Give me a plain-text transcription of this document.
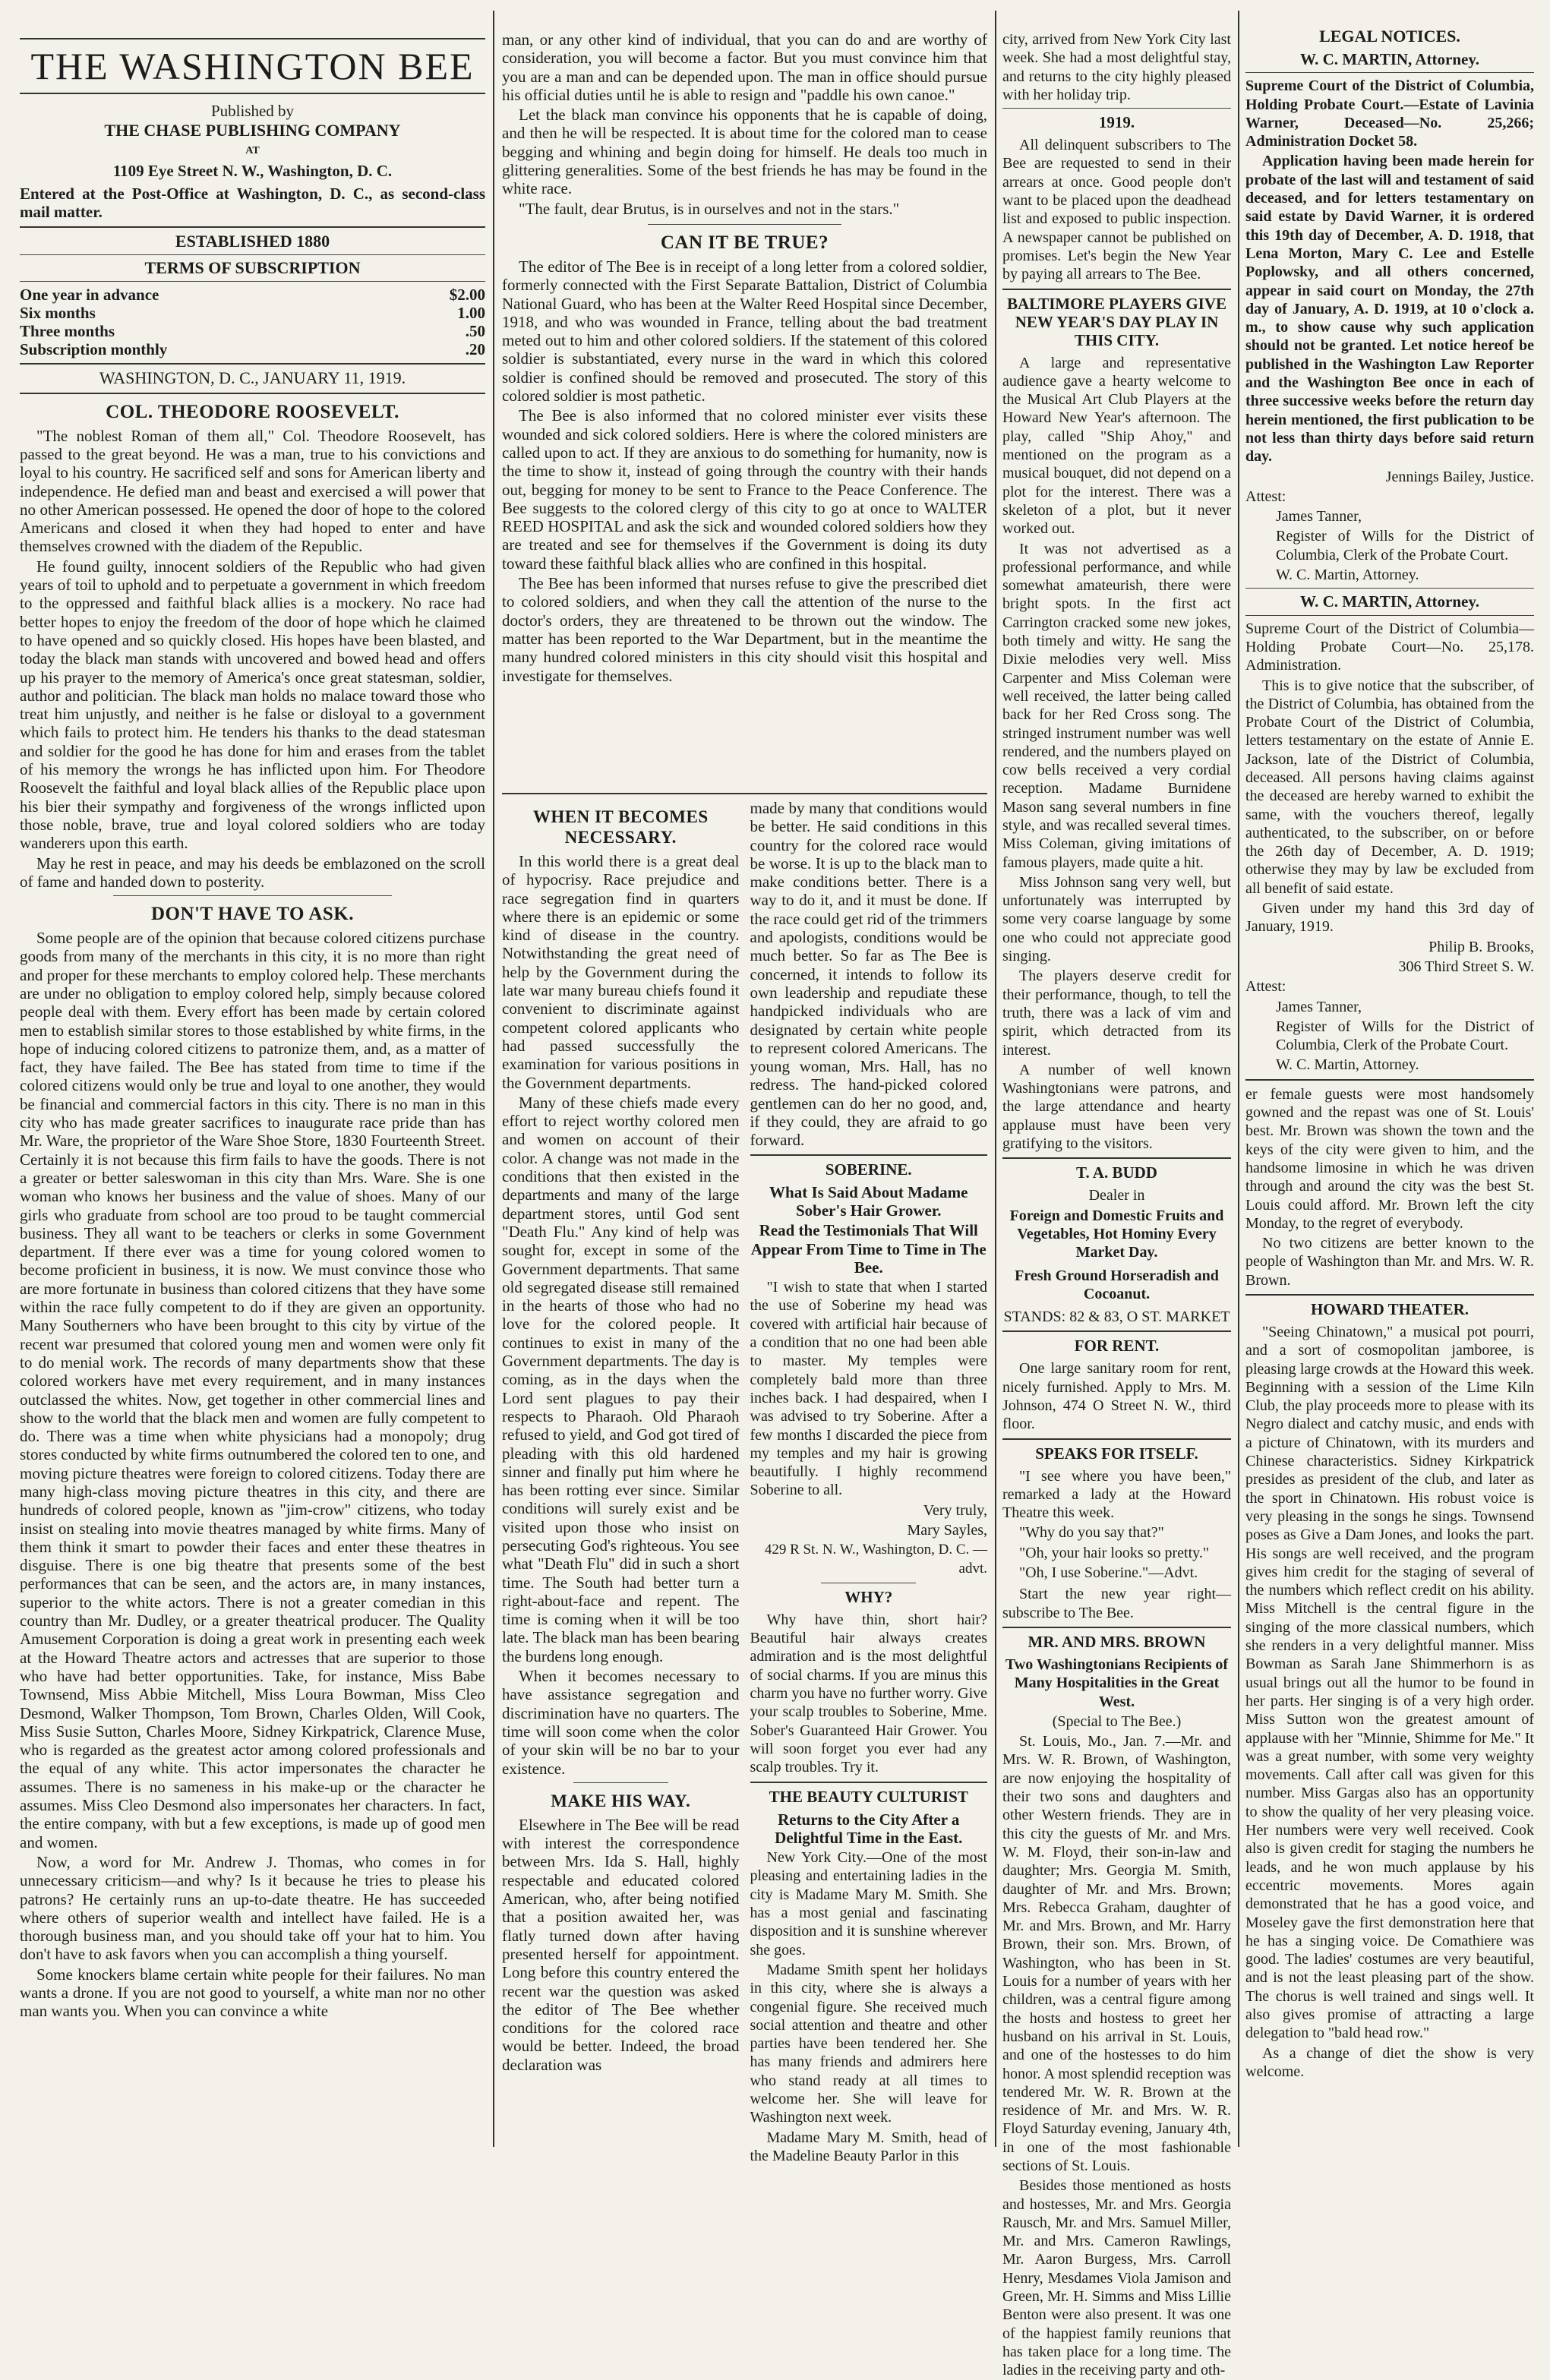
THE WASHINGTON BEE

Published by

THE CHASE PUBLISHING COMPANY

AT

1109 Eye Street N. W., Washington, D. C.

Entered at the Post-Office at Washington, D. C., as second-class mail matter.

ESTABLISHED 1880

TERMS OF SUBSCRIPTION

One year in advance	$2.00
Six months	1.00
Three months	.50
Subscription monthly	.20

WASHINGTON, D. C., JANUARY 11, 1919.

COL. THEODORE ROOSEVELT.

"The noblest Roman of them all," Col. Theodore Roosevelt, has passed to the great beyond. He was a man, true to his convictions and loyal to his country. He sacrificed self and sons for American liberty and independence. He defied man and beast and exercised a will power that no other American possessed. He opened the door of hope to the colored Americans and closed it when they had hoped to enter and have themselves crowned with the diadem of the Republic.

He found guilty, innocent soldiers of the Republic who had given years of toil to uphold and to perpetuate a government in which freedom to the oppressed and faithful black allies is a mockery. No race had better hopes to enjoy the freedom of the door of hope which he claimed to have opened and so quickly closed. His hopes have been blasted, and today the black man stands with uncovered and bowed head and offers up his prayer to the memory of America's once great statesman, soldier, author and politician. The black man holds no malace toward those who treat him unjustly, and neither is he false or disloyal to a government which fails to protect him. He tenders his thanks to the dead statesman and soldier for the good he has done for him and erases from the tablet of his memory the wrongs he has inflicted upon him. For Theodore Roosevelt the faithful and loyal black allies of the Republic place upon his bier their sympathy and forgiveness of the wrongs inflicted upon those noble, brave, true and loyal colored soldiers who are today wanderers upon this earth.

May he rest in peace, and may his deeds be emblazoned on the scroll of fame and handed down to posterity.

DON'T HAVE TO ASK.

Some people are of the opinion that because colored citizens purchase goods from many of the merchants in this city, it is no more than right and proper for these merchants to employ colored help. These merchants are under no obligation to employ colored help, simply because colored people deal with them. Every effort has been made by certain colored men to establish similar stores to those established by white firms, in the hope of inducing colored citizens to patronize them, and, as a matter of fact, they have failed. The Bee has stated from time to time if the colored citizens would only be true and loyal to one another, they would be financial and commercial factors in this city. There is no man in this city who has made greater sacrifices to inaugurate race pride than has Mr. Ware, the proprietor of the Ware Shoe Store, 1830 Fourteenth Street. Certainly it is not because this firm fails to have the goods. There is not a greater or better saleswoman in this city than Mrs. Ware. She is one woman who knows her business and the value of shoes. Many of our girls who graduate from school are too proud to be taught commercial business. They all want to be teachers or clerks in some Government department. If there ever was a time for young colored women to become proficient in business, it is now. We must convince those who are more fortunate in business than colored citizens that they have some within the race fully competent to do if they are given an opportunity. Many Southerners who have been brought to this city by virtue of the recent war presumed that colored young men and women were only fit to do menial work. The records of many departments show that these colored workers have met every requirement, and in many instances outclassed the whites. Now, get together in other commercial lines and show to the world that the black men and women are fully competent to do. There was a time when white physicians had a monopoly; drug stores conducted by white firms outnumbered the colored ten to one, and moving picture theatres were foreign to colored citizens. Today there are many high-class moving picture theatres in this city, and there are hundreds of colored people, known as "jim-crow" citizens, who today insist on stealing into movie theatres managed by white firms. Many of them think it smart to powder their faces and enter these theatres in disguise. There is one big theatre that presents some of the best performances that can be seen, and the actors are, in many instances, superior to the white actors. There is not a greater comedian in this country than Mr. Dudley, or a greater theatrical producer. The Quality Amusement Corporation is doing a great work in presenting each week at the Howard Theatre actors and actresses that are superior to those who have had better opportunities. Take, for instance, Miss Babe Townsend, Miss Abbie Mitchell, Miss Loura Bowman, Miss Cleo Desmond, Walker Thompson, Tom Brown, Charles Olden, Will Cook, Miss Susie Sutton, Charles Moore, Sidney Kirkpatrick, Clarence Muse, who is regarded as the greatest actor among colored professionals and the equal of any white. This actor impersonates the character he assumes. There is no sameness in his make-up or the character he assumes. Miss Cleo Desmond also impersonates her characters. In fact, the entire company, with but a few exceptions, is made up of good men and women.

Now, a word for Mr. Andrew J. Thomas, who comes in for unnecessary criticism—and why? Is it because he tries to please his patrons? He certainly runs an up-to-date theatre. He has succeeded where others of superior wealth and intellect have failed. He is a thorough business man, and you should take off your hat to him. You don't have to ask favors when you can accomplish a thing yourself.

Some knockers blame certain white people for their failures. No man wants a drone. If you are not good to yourself, a white man nor no other man wants you. When you can convince a white

man, or any other kind of individual, that you can do and are worthy of consideration, you will become a factor. But you must convince him that you are a man and can be depended upon. The man in office should pursue his official duties until he is able to resign and "paddle his own canoe."

Let the black man convince his opponents that he is capable of doing, and then he will be respected. It is about time for the colored man to cease begging and whining and begin doing for himself. He deals too much in glittering generalities. Some of the best friends he has may be found in the white race.

"The fault, dear Brutus, is in ourselves and not in the stars."

CAN IT BE TRUE?

The editor of The Bee is in receipt of a long letter from a colored soldier, formerly connected with the First Separate Battalion, District of Columbia National Guard, who has been at the Walter Reed Hospital since December, 1918, and who was wounded in France, telling about the bad treatment meted out to him and other colored soldiers. If the statement of this colored soldier is substantiated, every nurse in the ward in which this colored soldier is confined should be removed and prosecuted. The story of this colored soldier is most pathetic.

The Bee is also informed that no colored minister ever visits these wounded and sick colored soldiers. Here is where the colored ministers are called upon to act. If they are anxious to do something for humanity, now is the time to show it, instead of going through the country with their hands out, begging for money to be sent to France to the Peace Conference. The Bee suggests to the colored clergy of this city to go at once to WALTER REED HOSPITAL and ask the sick and wounded colored soldiers how they are treated and see for themselves if the Government is doing its duty toward these faithful black allies who are confined in this hospital.

The Bee has been informed that nurses refuse to give the prescribed diet to colored soldiers, and when they call the attention of the nurse to the doctor's orders, they are threatened to be thrown out the window. The matter has been reported to the War Department, but in the meantime the many hundred colored ministers in this city should visit this hospital and investigate for themselves.

WHEN IT BECOMES NECESSARY.

In this world there is a great deal of hypocrisy. Race prejudice and race segregation find in quarters where there is an epidemic or some kind of disease in the country. Notwithstanding the great need of help by the Government during the late war many bureau chiefs found it convenient to discriminate against competent colored applicants who had passed successfully the examination for various positions in the Government departments.

Many of these chiefs made every effort to reject worthy colored men and women on account of their color. A change was not made in the conditions that then existed in the departments and many of the large department stores, until God sent "Death Flu." Any kind of help was sought for, except in some of the Government departments. That same old segregated disease still remained in the hearts of those who had no love for the colored people. It continues to exist in many of the Government departments. The day is coming, as in the days when the Lord sent plagues to pay their respects to Pharaoh. Old Pharaoh refused to yield, and God got tired of pleading with this old hardened sinner and finally put him where he has been rotting ever since. Similar conditions will surely exist and be visited upon those who insist on persecuting God's righteous. You see what "Death Flu" did in such a short time. The South had better turn a right-about-face and repent. The time is coming when it will be too late. The black man has been bearing the burdens long enough.

When it becomes necessary to have assistance segregation and discrimination have no quarters. The time will soon come when the color of your skin will be no bar to your existence.

MAKE HIS WAY.

Elsewhere in The Bee will be read with interest the correspondence between Mrs. Ida S. Hall, highly respectable and educated colored American, who, after being notified that a position awaited her, was flatly turned down after having presented herself for appointment. Long before this country entered the recent war the question was asked the editor of The Bee whether conditions for the colored race would be better. Indeed, the broad declaration was

made by many that conditions would be better. He said conditions in this country for the colored race would be worse. It is up to the black man to make conditions better. There is a way to do it, and it must be done. If the race could get rid of the trimmers and apologists, conditions would be much better. So far as The Bee is concerned, it intends to follow its own leadership and repudiate these handpicked individuals who are designated by certain white people to represent colored Americans. The young woman, Mrs. Hall, has no redress. The hand-picked colored gentlemen can do her no good, and, if they could, they are afraid to go forward.

SOBERINE.

What Is Said About Madame Sober's Hair Grower.

Read the Testimonials That Will Appear From Time to Time in The Bee.

"I wish to state that when I started the use of Soberine my head was covered with artificial hair because of a condition that no one had been able to master. My temples were completely bald more than three inches back. I had despaired, when I was advised to try Soberine. After a few months I discarded the piece from my temples and my hair is growing beautifully. I highly recommend Soberine to all.

Very truly,

Mary Sayles,

429 R St. N. W., Washington, D. C. —advt.

WHY?

Why have thin, short hair? Beautiful hair always creates admiration and is the most delightful of social charms. If you are minus this charm you have no further worry. Give your scalp troubles to Soberine, Mme. Sober's Guaranteed Hair Grower. You will soon forget you ever had any scalp troubles. Try it.

THE BEAUTY CULTURIST

Returns to the City After a Delightful Time in the East.

New York City.—One of the most pleasing and entertaining ladies in the city is Madame Mary M. Smith. She has a most genial and fascinating disposition and it is sunshine wherever she goes.

Madame Smith spent her holidays in this city, where she is always a congenial figure. She received much social attention and theatre and other parties have been tendered her. She has many friends and admirers here who stand ready at all times to welcome her. She will leave for Washington next week.

Madame Mary M. Smith, head of the Madeline Beauty Parlor in this

city, arrived from New York City last week. She had a most delightful stay, and returns to the city highly pleased with her holiday trip.

1919.

All delinquent subscribers to The Bee are requested to send in their arrears at once. Good people don't want to be placed upon the deadhead list and exposed to public inspection. A newspaper cannot be published on promises. Let's begin the New Year by paying all arrears to The Bee.

BALTIMORE PLAYERS GIVE NEW YEAR'S DAY PLAY IN THIS CITY.

A large and representative audience gave a hearty welcome to the Musical Art Club Players at the Howard New Year's afternoon. The play, called "Ship Ahoy," and mentioned on the program as a musical bouquet, did not depend on a plot for the interest. There was a skeleton of a plot, but it never worked out.

It was not advertised as a professional performance, and while somewhat amateurish, there were bright spots. In the first act Carrington cracked some new jokes, both timely and witty. He sang the Dixie melodies very well. Miss Carpenter and Miss Coleman were well received, the latter being called back for her Red Cross song. The stringed instrument number was well rendered, and the numbers played on cow bells received a very cordial reception. Madame Burnidene Mason sang several numbers in fine style, and was recalled several times. Miss Coleman, giving imitations of famous players, made quite a hit.

Miss Johnson sang very well, but unfortunately was interrupted by some very coarse language by some one who could not appreciate good singing.

The players deserve credit for their performance, though, to tell the truth, there was a lack of vim and spirit, which detracted from its interest.

A number of well known Washingtonians were patrons, and the large attendance and hearty applause must have been very gratifying to the visitors.

T. A. BUDD

Dealer in

Foreign and Domestic Fruits and Vegetables, Hot Hominy Every Market Day.

Fresh Ground Horseradish and Cocoanut.

STANDS: 82 & 83, O ST. MARKET

FOR RENT.

One large sanitary room for rent, nicely furnished. Apply to Mrs. M. Johnson, 474 O Street N. W., third floor.

SPEAKS FOR ITSELF.

"I see where you have been," remarked a lady at the Howard Theatre this week.

"Why do you say that?"

"Oh, your hair looks so pretty."

"Oh, I use Soberine."—Advt.

Start the new year right—subscribe to The Bee.

MR. AND MRS. BROWN

Two Washingtonians Recipients of Many Hospitalities in the Great West.

(Special to The Bee.)

St. Louis, Mo., Jan. 7.—Mr. and Mrs. W. R. Brown, of Washington, are now enjoying the hospitality of their two sons and daughters and other Western friends. They are in this city the guests of Mr. and Mrs. W. M. Floyd, their son-in-law and daughter; Mrs. Georgia M. Smith, daughter of Mr. and Mrs. Brown; Mrs. Rebecca Graham, daughter of Mr. and Mrs. Brown, and Mr. Harry Brown, their son. Mrs. Brown, of Washington, who has been in St. Louis for a number of years with her children, was a central figure among the hosts and hostess to greet her husband on his arrival in St. Louis, and one of the hostesses to do him honor. A most splendid reception was tendered Mr. W. R. Brown at the residence of Mr. and Mrs. W. R. Floyd Saturday evening, January 4th, in one of the most fashionable sections of St. Louis.

Besides those mentioned as hosts and hostesses, Mr. and Mrs. Georgia Rausch, Mr. and Mrs. Samuel Miller, Mr. and Mrs. Cameron Rawlings, Mr. Aaron Burgess, Mrs. Carroll Henry, Mesdames Viola Jamison and Green, Mr. H. Simms and Miss Lillie Benton were also present. It was one of the happiest family reunions that has taken place for a long time. The ladies in the receiving party and oth-

LEGAL NOTICES.

W. C. MARTIN, Attorney.

Supreme Court of the District of Columbia, Holding Probate Court.—Estate of Lavinia Warner, Deceased—No. 25,266; Administration Docket 58.

Application having been made herein for probate of the last will and testament of said deceased, and for letters testamentary on said estate by David Warner, it is ordered this 19th day of December, A. D. 1918, that Lena Morton, Mary C. Lee and Estelle Poplowsky, and all others concerned, appear in said court on Monday, the 27th day of January, A. D. 1919, at 10 o'clock a. m., to show cause why such application should not be granted. Let notice hereof be published in the Washington Law Reporter and the Washington Bee once in each of three successive weeks before the return day herein mentioned, the first publication to be not less than thirty days before said return day.

Jennings Bailey, Justice.

Attest:

James Tanner,

Register of Wills for the District of Columbia, Clerk of the Probate Court.

W. C. Martin, Attorney.

W. C. MARTIN, Attorney.

Supreme Court of the District of Columbia—Holding Probate Court—No. 25,178. Administration.

This is to give notice that the subscriber, of the District of Columbia, has obtained from the Probate Court of the District of Columbia, letters testamentary on the estate of Annie E. Jackson, late of the District of Columbia, deceased. All persons having claims against the deceased are hereby warned to exhibit the same, with the vouchers thereof, legally authenticated, to the subscriber, on or before the 26th day of December, A. D. 1919; otherwise they may by law be excluded from all benefit of said estate.

Given under my hand this 3rd day of January, 1919.

Philip B. Brooks,

306 Third Street S. W.

Attest:

James Tanner,

Register of Wills for the District of Columbia, Clerk of the Probate Court.

W. C. Martin, Attorney.

er female guests were most handsomely gowned and the repast was one of St. Louis' best. Mr. Brown was shown the town and the keys of the city were given to him, and the handsome limosine in which he was driven through and around the city was the best St. Louis could afford. Mr. Brown left the city Monday, to the regret of everybody.

No two citizens are better known to the people of Washington than Mr. and Mrs. W. R. Brown.

HOWARD THEATER.

"Seeing Chinatown," a musical pot pourri, and a sort of cosmopolitan jamboree, is pleasing large crowds at the Howard this week. Beginning with a session of the Lime Kiln Club, the play proceeds more to please with its Negro dialect and catchy music, and ends with a picture of Chinatown, with its murders and Chinese characteristics. Sidney Kirkpatrick presides as president of the club, and later as the sport in Chinatown. His robust voice is very pleasing in the songs he sings. Townsend poses as Give a Dam Jones, and looks the part. His songs are well received, and the program gives him credit for the staging of several of the numbers which reflect credit on his ability. Miss Mitchell is the central figure in the singing of the more classical numbers, which she renders in a very delightful manner. Miss Bowman as Sarah Jane Shimmerhorn is as usual brings out all the humor to be found in her parts. Her singing is of a very high order. Miss Sutton won the greatest amount of applause with her "Minnie, Shimme for Me." It was a great number, with some very weighty movements. Call after call was given for this number. Miss Gargas also has an opportunity to show the quality of her very pleasing voice. Her numbers were very well received. Cook also is given credit for staging the numbers he leads, and he won much applause by his eccentric movements. Mores again demonstrated that he has a good voice, and Moseley gave the first demonstration here that he has a singing voice. De Comathiere was good. The ladies' costumes are very beautiful, and is not the least pleasing part of the show. The chorus is well trained and sings well. It also gives promise of attracting a large delegation to "bald head row."

As a change of diet the show is very welcome.
